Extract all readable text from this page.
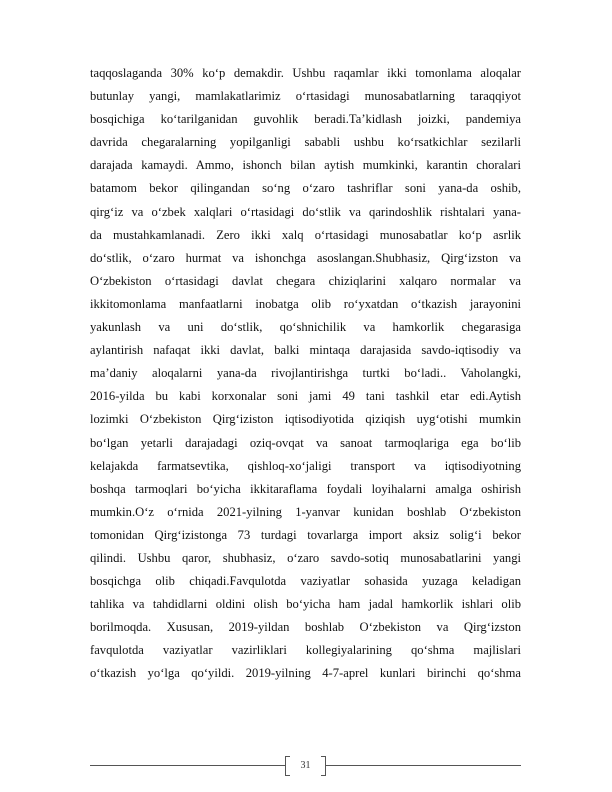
taqqoslaganda 30% ko‘p demakdir. Ushbu raqamlar ikki tomonlama aloqalar
butunlay yangi, mamlakatlarimiz o‘rtasidagi munosabatlarning taraqqiyot
bosqichiga ko‘tarilganidan guvohlik beradi.Ta’kidlash joizki, pandemiya
davrida chegaralarning yopilganligi sababli ushbu ko‘rsatkichlar sezilarli
darajada kamaydi. Ammo, ishonch bilan aytish mumkinki, karantin choralari
batamom bekor qilingandan so‘ng o‘zaro tashriflar soni yana-da oshib,
qirg‘iz va o‘zbek xalqlari o‘rtasidagi do‘stlik va qarindoshlik rishtalari yana-
da mustahkamlanadi. Zero ikki xalq o‘rtasidagi munosabatlar ko‘p asrlik
do‘stlik, o‘zaro hurmat va ishonchga asoslangan.Shubhasiz, Qirg‘izston va
O‘zbekiston o‘rtasidagi davlat chegara chiziqlarini xalqaro normalar va
ikkitomonlama manfaatlarni inobatga olib ro‘yxatdan o‘tkazish jarayonini
yakunlash va uni do‘stlik, qo‘shnichilik va hamkorlik chegarasiga
aylantirish nafaqat ikki davlat, balki mintaqa darajasida savdo-iqtisodiy va
ma’daniy aloqalarni yana-da rivojlantirishga turtki bo‘ladi.. Vaholangki,
2016-yilda bu kabi korxonalar soni jami 49 tani tashkil etar edi.Aytish
lozimki O‘zbekiston Qirg‘iziston iqtisodiyotida qiziqish uyg‘otishi mumkin
bo‘lgan yetarli darajadagi oziq-ovqat va sanoat tarmoqlariga ega bo‘lib
kelajakda farmatsevtika, qishloq-xo‘jaligi transport va iqtisodiyotning
boshqa tarmoqlari bo‘yicha ikkitaraflama foydali loyihalarni amalga oshirish
mumkin.O‘z o‘rnida 2021-yilning 1-yanvar kunidan boshlab O‘zbekiston
tomonidan Qirg‘izistonga 73 turdagi tovarlarga import aksiz solig‘i bekor
qilindi. Ushbu qaror, shubhasiz, o‘zaro savdo-sotiq munosabatlarini yangi
bosqichga olib chiqadi.Favqulotda vaziyatlar sohasida yuzaga keladigan
tahlika va tahdidlarni oldini olish bo‘yicha ham jadal hamkorlik ishlari olib
borilmoqda. Xususan, 2019-yildan boshlab O‘zbekiston va Qirg‘izston
favqulotda vaziyatlar vazirliklari kollegiyalarining qo‘shma majlislari
o‘tkazish yo‘lga qo‘yildi. 2019-yilning 4-7-aprel kunlari birinchi qo‘shma
31
